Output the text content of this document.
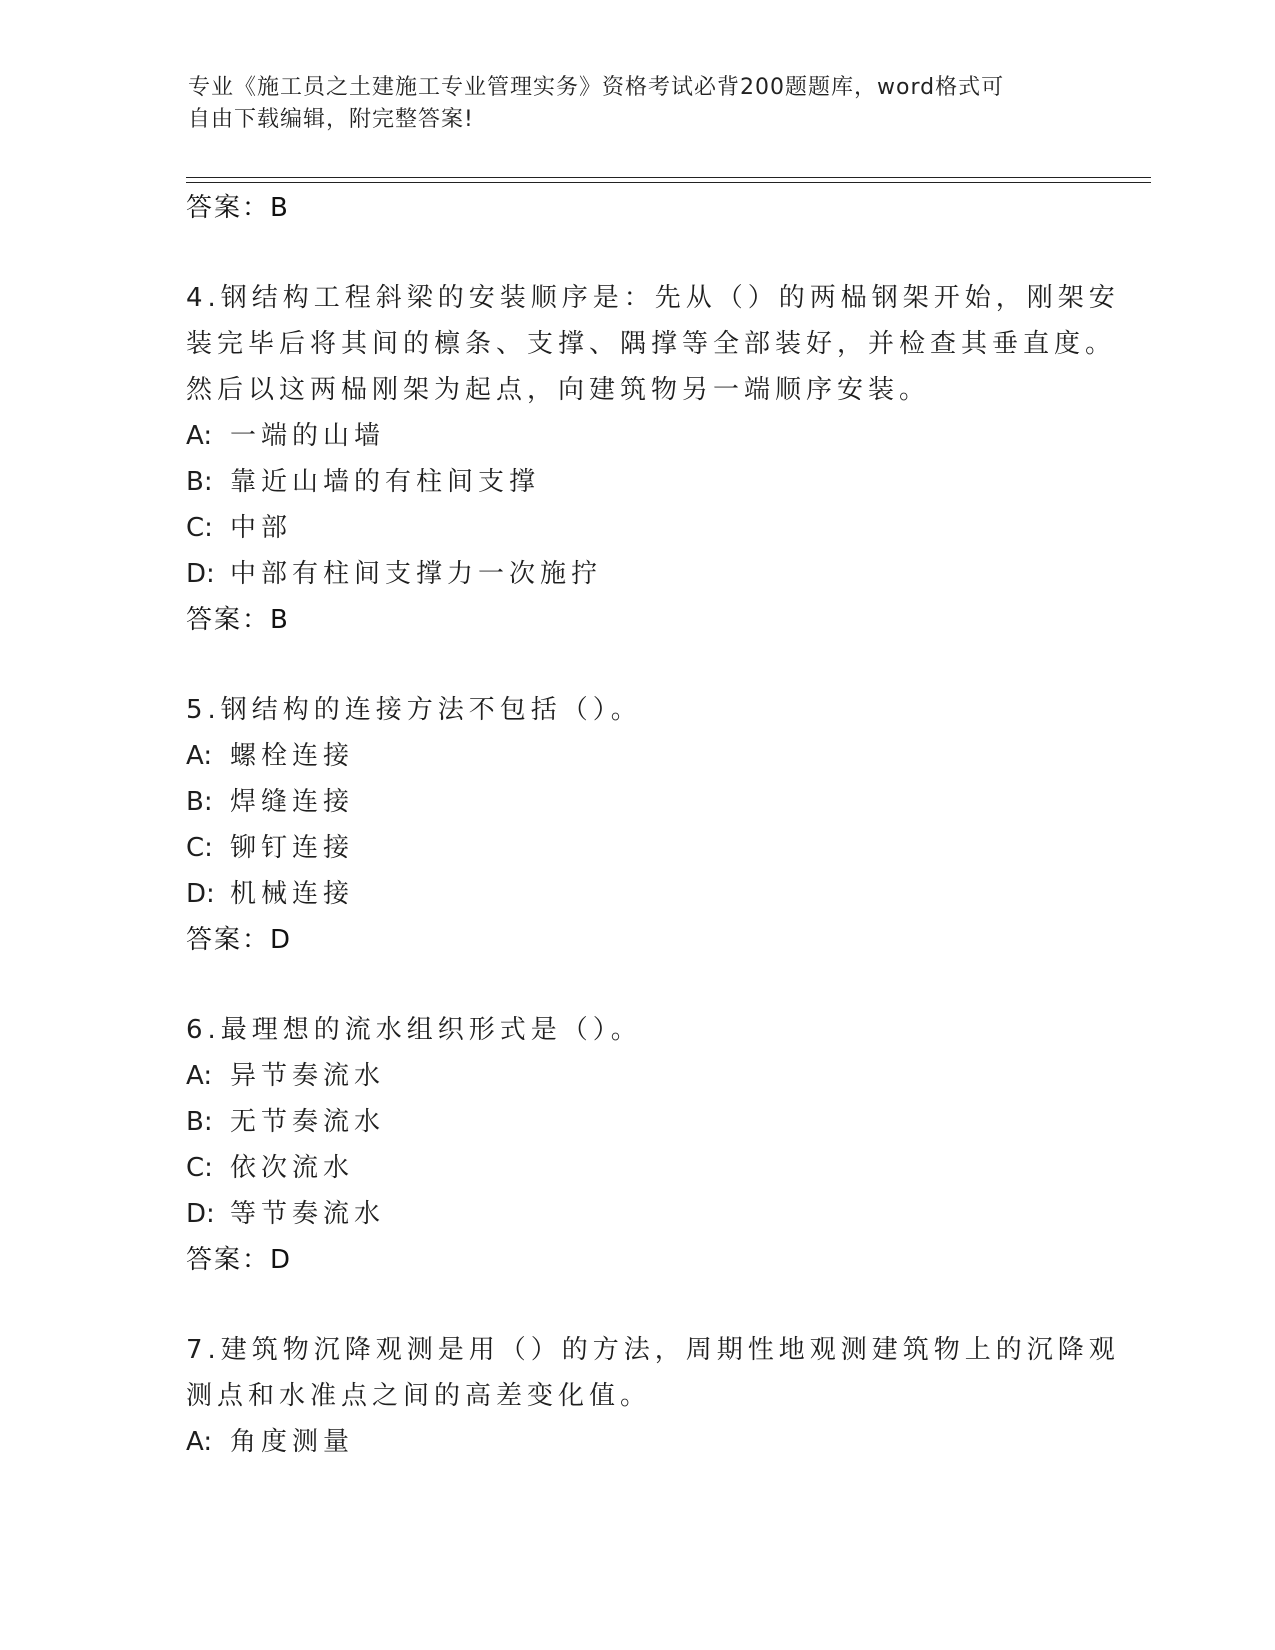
专业《施工员之土建施工专业管理实务》资格考试必背200题题库，word格式可
自由下载编辑，附完整答案!
答案：B
4.钢结构工程斜梁的安装顺序是：先从（）的两榀钢架开始，刚架安
装完毕后将其间的檩条、支撑、隅撑等全部装好，并检查其垂直度。
然后以这两榀刚架为起点，向建筑物另一端顺序安装。
A: 一端的山墙
B: 靠近山墙的有柱间支撑
C: 中部
D: 中部有柱间支撑力一次施拧
答案：B
5.钢结构的连接方法不包括（）。
A: 螺栓连接
B: 焊缝连接
C: 铆钉连接
D: 机械连接
答案：D
6.最理想的流水组织形式是（）。
A: 异节奏流水
B: 无节奏流水
C: 依次流水
D: 等节奏流水
答案：D
7.建筑物沉降观测是用（）的方法，周期性地观测建筑物上的沉降观
测点和水准点之间的高差变化值。
A: 角度测量
